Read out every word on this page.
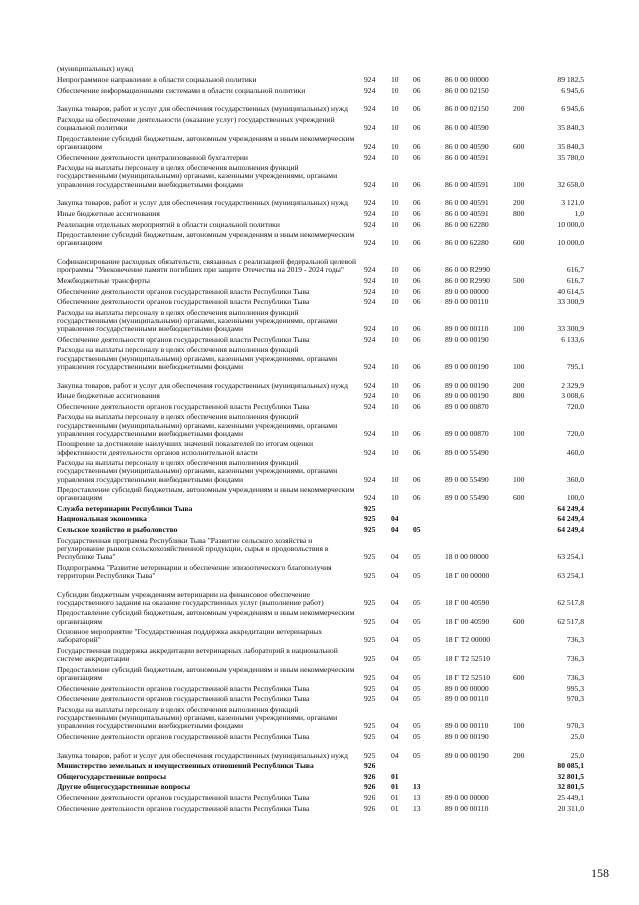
(муниципальных) нужд
Непрограммное направление в области социальной политики	924 10 06	86 0 00 00000	89 182,5
Обеспечение информационными системами в области социальной политики	924 10 06	86 0 00 02150	6 945,6
Закупка товаров, работ и услуг для обеспечения государственных (муниципальных) нужд	924 10 06	86 0 00 02150	200	6 945,6
Расходы на обеспечение деятельности (оказание услуг) государственных учреждений социальной политики	924 10 06	86 0 00 40590	35 840,3
Предоставление субсидий бюджетным, автономным учреждениям и иным некоммерческим организациям	924 10 06	86 0 00 40590	600	35 840,3
Обеспечение деятельности централизованной бухгалтерии	924 10 06	86 0 00 40591	35 780,0
Расходы на выплаты персоналу в целях обеспечения выполнения функций государственными (муниципальными) органами, казенными учреждениями, органами управления государственными внебюджетными фондами	924 10 06	86 0 00 40591	100	32 658,0
Закупка товаров, работ и услуг для обеспечения государственных (муниципальных) нужд	924 10 06	86 0 00 40591	200	3 121,0
Иные бюджетные ассигнования	924 10 06	86 0 00 40591	800	1,0
Реализация отдельных мероприятий в области социальной политики	924 10 06	86 0 00 62280	10 000,0
Предоставление субсидий бюджетным, автономным учреждениям и иным некоммерческим организациям	924 10 06	86 0 00 62280	600	10 000,0
Софинансирование расходных обязательств, связанных с реализацией федеральной целевой программы "Увековечение памяти погибших при защите Отечества на 2019 - 2024 годы"	924 10 06	86 0 00 R2990	616,7
Межбюджетные трансферты	924 10 06	86 0 00 R2990	500	616,7
Обеспечение деятельности органов государственной власти Республики Тыва	924 10 06	89 0 00 00000	40 614,5
Обеспечение деятельности органов государственной власти Республики Тыва	924 10 06	89 0 00 00110	33 300,9
Расходы на выплаты персоналу в целях обеспечения выполнения функций государственными (муниципальными) органами, казенными учреждениями, органами управления государственными внебюджетными фондами	924 10 06	89 0 00 00110	100	33 300,9
Обеспечение деятельности органов государственной власти Республики Тыва	924 10 06	89 0 00 00190	6 133,6
Расходы на выплаты персоналу в целях обеспечения выполнения функций государственными (муниципальными) органами, казенными учреждениями, органами управления государственными внебюджетными фондами	924 10 06	89 0 00 00190	100	795,1
Закупка товаров, работ и услуг для обеспечения государственных (муниципальных) нужд	924 10 06	89 0 00 00190	200	2 329,9
Иные бюджетные ассигнования	924 10 06	89 0 00 00190	800	3 008,6
Обеспечение деятельности органов государственной власти Республики Тыва	924 10 06	89 0 00 00870	720,0
Расходы на выплаты персоналу в целях обеспечения выполнения функций государственными (муниципальными) органами, казенными учреждениями, органами управления государственными внебюджетными фондами	924 10 06	89 0 00 00870	100	720,0
Поощрение за достижение наилучших значений показателей по итогам оценки эффективности деятельности органов исполнительной власти	924 10 06	89 0 00 55490	460,0
Расходы на выплаты персоналу в целях обеспечения выполнения функций государственными (муниципальными) органами, казенными учреждениями, органами управления государственными внебюджетными фондами	924 10 06	89 0 00 55490	100	360,0
Предоставление субсидий бюджетным, автономным учреждениям и иным некоммерческим организациям	924 10 06	89 0 00 55490	600	100,0
Служба ветеринарии Республики Тыва	925	64 249,4
Национальная экономика	925 04	64 249,4
Сельское хозяйство и рыболовство	925 04 05	64 249,4
Государственная программа Республики Тыва "Развитие сельского хозяйства и регулирование рынков сельскохозяйственной продукции, сырья и продовольствия в Республике Тыва"	925 04 05	18 0 00 00000	63 254,1
Подпрограмма "Развитие ветеринарии и обеспечение эпизоотического благополучия территории Республики Тыва"	925 04 05	18 Г 00 00000	63 254,1
Субсидии бюджетным учреждениям ветеринарии на финансовое обеспечение государственного задания на оказание государственных услуг (выполнение работ)	925 04 05	18 Г 00 40590	62 517,8
Предоставление субсидий бюджетным, автономным учреждениям и иным некоммерческим организациям	925 04 05	18 Г 00 40590	600	62 517,8
Основное мероприятие "Государственная поддержка аккредитации ветеринарных лабораторий"	925 04 05	18 Г Т2 00000	736,3
Государственная поддержка аккредитации ветеринарных лабораторий в национальной системе аккредитации	925 04 05	18 Г Т2 52510	736,3
Предоставление субсидий бюджетным, автономным учреждениям и иным некоммерческим организациям	925 04 05	18 Г Т2 52510	600	736,3
Обеспечение деятельности органов государственной власти Республики Тыва	925 04 05	89 0 00 00000	995,3
Обеспечение деятельности органов государственной власти Республики Тыва	925 04 05	89 0 00 00110	970,3
Расходы на выплаты персоналу в целях обеспечения выполнения функций государственными (муниципальными) органами, казенными учреждениями, органами управления государственными внебюджетными фондами	925 04 05	89 0 00 00110	100	970,3
Обеспечение деятельности органов государственной власти Республики Тыва	925 04 05	89 0 00 00190	25,0
Закупка товаров, работ и услуг для обеспечения государственных (муниципальных) нужд	925 04 05	89 0 00 00190	200	25,0
Министерство земельных и имущественных отношений Республики Тыва	926	80 085,1
Общегосударственные вопросы	926 01	32 801,5
Другие общегосударственные вопросы	926 01 13	32 801,5
Обеспечение деятельности органов государственной власти Республики Тыва	926 01 13	89 0 00 00000	25 449,1
Обеспечение деятельности органов государственной власти Республики Тыва	926 01 13	89 0 00 00110	20 311,0
158
